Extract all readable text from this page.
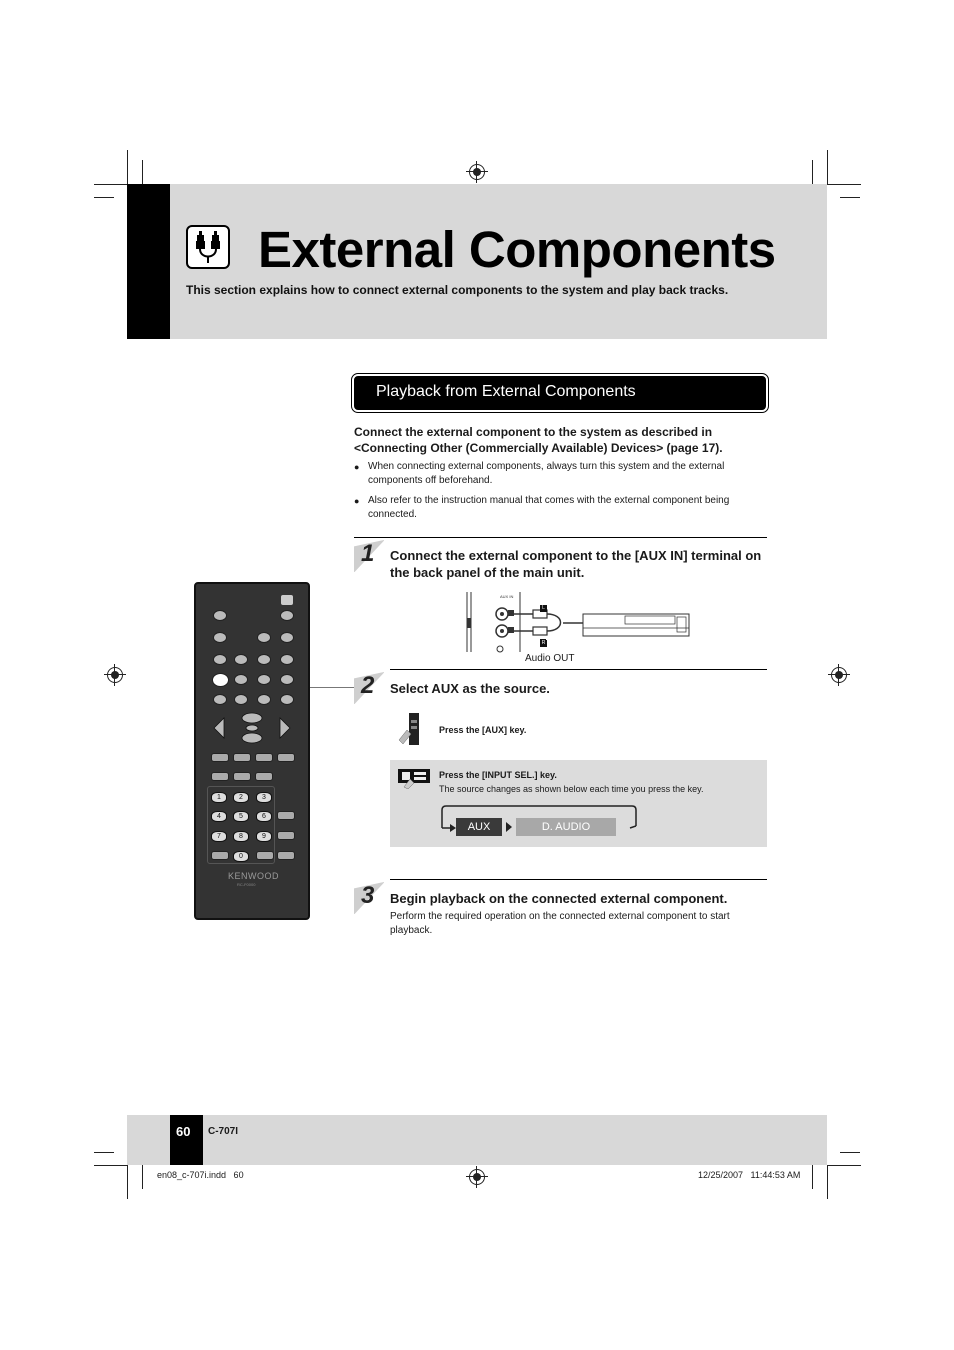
External Components
This section explains how to connect external components to the system and play back tracks.
Playback from External Components
Connect the external component to the system as described in <Connecting Other (Commercially Available) Devices> (page 17).
● When connecting external components, always turn this system and the external components off beforehand.
● Also refer to the instruction manual that comes with the external component being connected.
1 Connect the external component to the [AUX IN] terminal on the back panel of the main unit.
AUX IN
L
R
Audio OUT
2 Select AUX as the source.
Press the [AUX] key.
Press the [INPUT SEL.] key.
The source changes as shown below each time you press the key.
AUX	D. AUDIO
3 Begin playback on the connected external component.
Perform the required operation on the connected external component to start playback.
1	2	3
4	5	6
7	8	9
0
KENWOOD
RC-F0000
60 C-707I
en08_c-707i.indd   60	12/25/2007   11:44:53 AM
